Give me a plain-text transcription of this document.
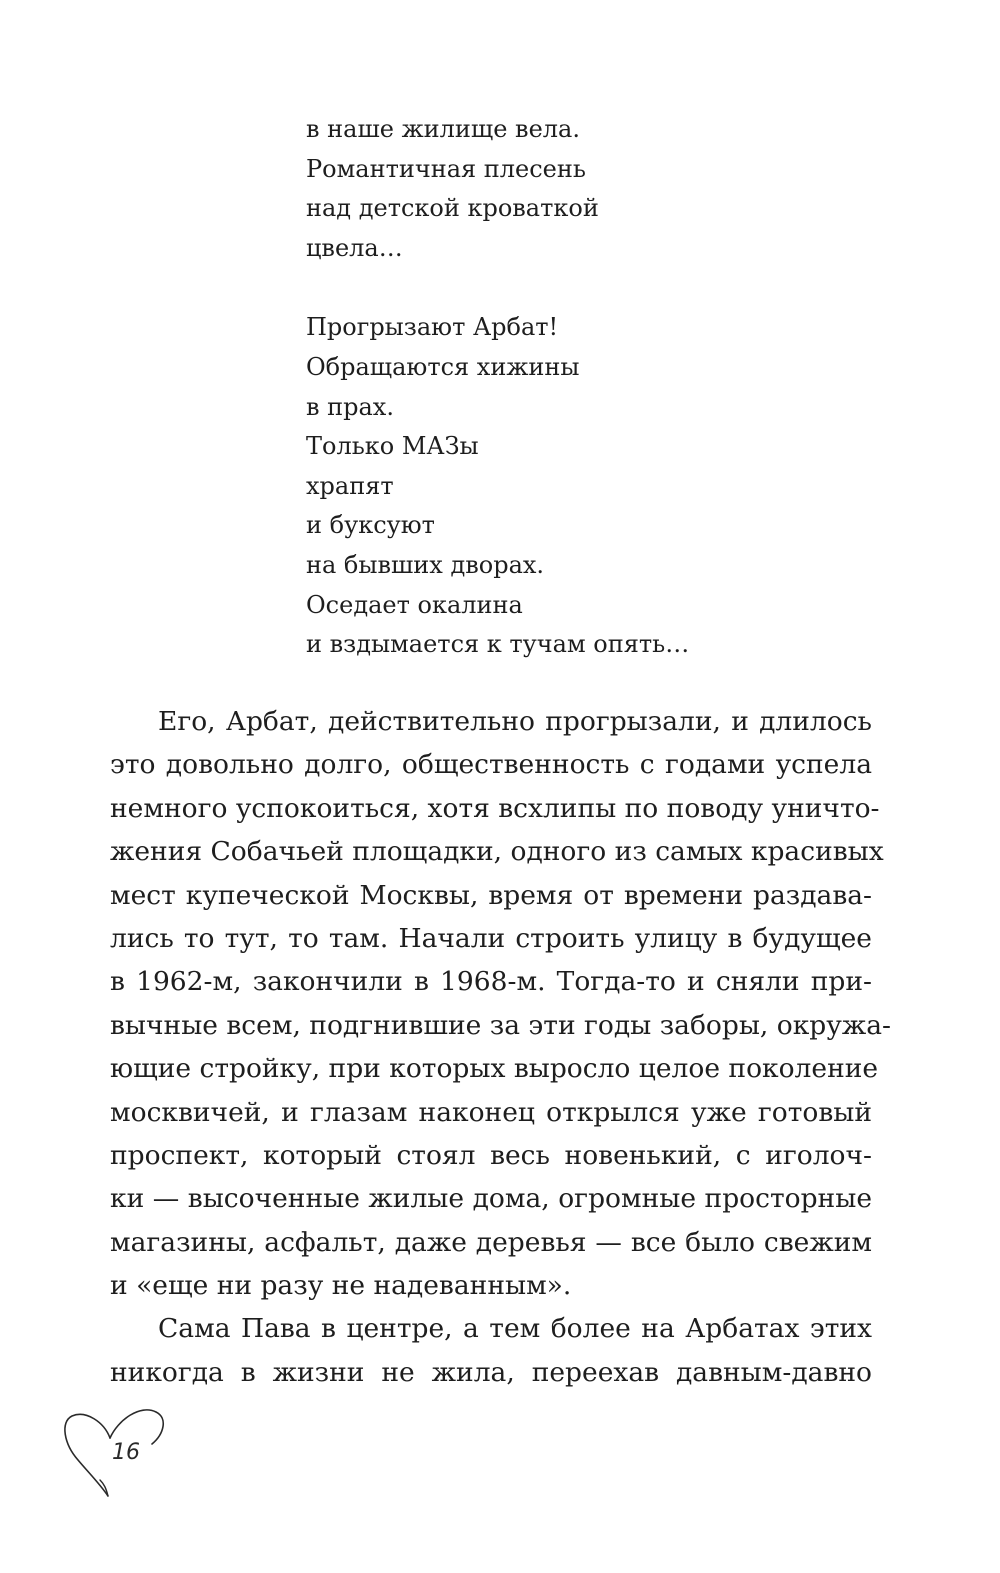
в наше жилище вела.
Романтичная плесень
над детской кроваткой
цвела…
Прогрызают Арбат!
Обращаются хижины
в прах.
Только МАЗы
храпят
и буксуют
на бывших дворах.
Оседает окалина
и вздымается к тучам опять…
Его, Арбат, действительно прогрызали, и длилось
это довольно долго, общественность с годами успела
немного успокоиться, хотя всхлипы по поводу уничто-
жения Собачьей площадки, одного из самых красивых
мест купеческой Москвы, время от времени раздава-
лись то тут, то там. Начали строить улицу в будущее
в 1962-м, закончили в 1968-м. Тогда-то и сняли при-
вычные всем, подгнившие за эти годы заборы, окружа-
ющие стройку, при которых выросло целое поколение
москвичей, и глазам наконец открылся уже готовый
проспект, который стоял весь новенький, с иголоч-
ки — высоченные жилые дома, огромные просторные
магазины, асфальт, даже деревья — все было свежим
и «еще ни разу не надеванным».
Сама Пава в центре, а тем более на Арбатах этих
никогда в жизни не жила, переехав давным-давно
16
